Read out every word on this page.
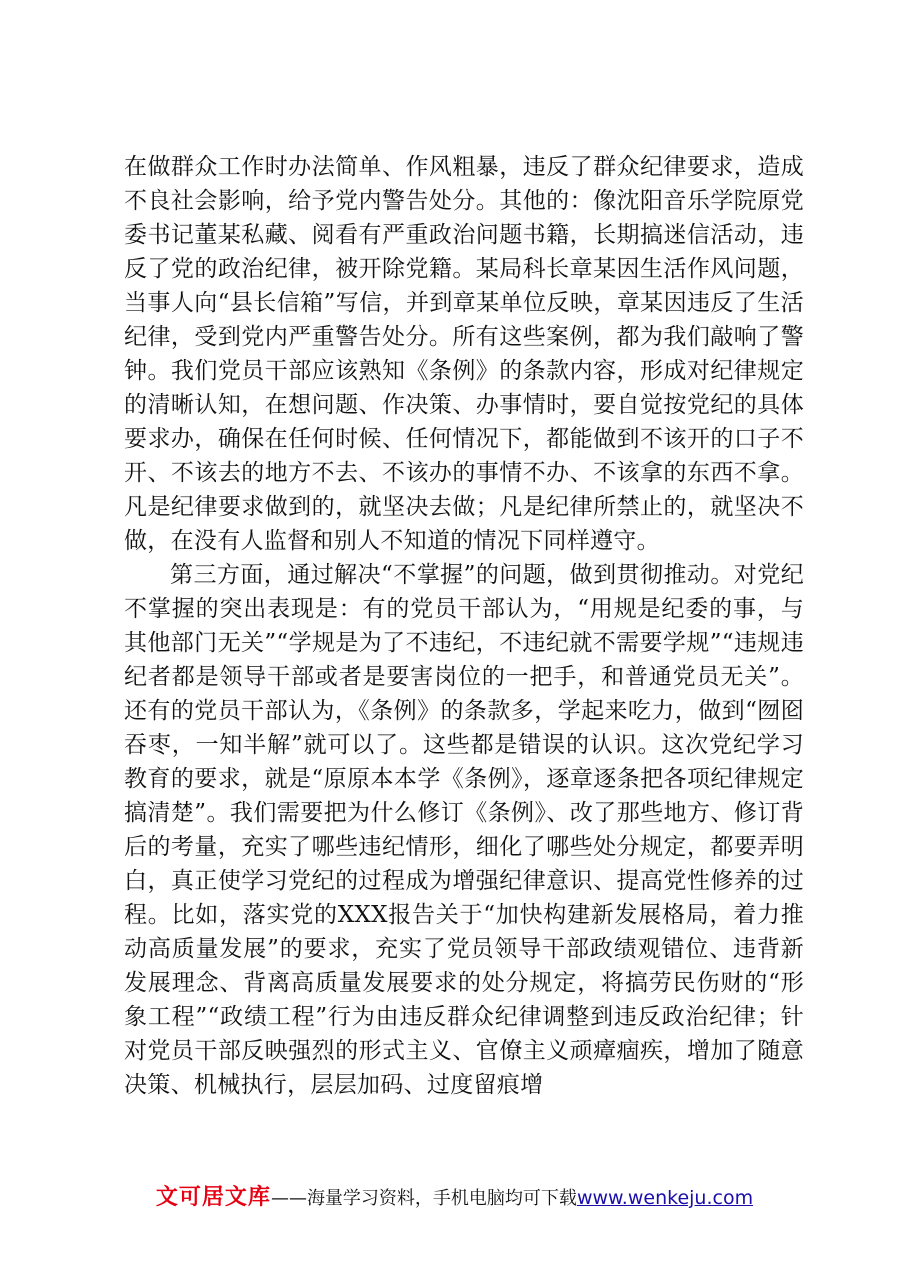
在做群众工作时办法简单、作风粗暴，违反了群众纪律要求，造成不良社会影响，给予党内警告处分。其他的：像沈阳音乐学院原党委书记董某私藏、阅看有严重政治问题书籍，长期搞迷信活动，违反了党的政治纪律，被开除党籍。某局科长章某因生活作风问题，当事人向“县长信箱”写信，并到章某单位反映，章某因违反了生活纪律，受到党内严重警告处分。所有这些案例，都为我们敲响了警钟。我们党员干部应该熟知《条例》的条款内容，形成对纪律规定的清晰认知，在想问题、作决策、办事情时，要自觉按党纪的具体要求办，确保在任何时候、任何情况下，都能做到不该开的口子不开、不该去的地方不去、不该办的事情不办、不该拿的东西不拿。凡是纪律要求做到的，就坚决去做；凡是纪律所禁止的，就坚决不做，在没有人监督和别人不知道的情况下同样遵守。

第三方面，通过解决“不掌握”的问题，做到贯彻推动。对党纪不掌握的突出表现是：有的党员干部认为，“用规是纪委的事，与其他部门无关”“学规是为了不违纪，不违纪就不需要学规”“违规违纪者都是领导干部或者是要害岗位的一把手，和普通党员无关”。还有的党员干部认为，《条例》的条款多，学起来吃力，做到“囫囵吞枣，一知半解”就可以了。这些都是错误的认识。这次党纪学习教育的要求，就是“原原本本学《条例》，逐章逐条把各项纪律规定搞清楚”。我们需要把为什么修订《条例》、改了那些地方、修订背后的考量，充实了哪些违纪情形，细化了哪些处分规定，都要弄明白，真正使学习党纪的过程成为增强纪律意识、提高党性修养的过程。比如，落实党的XXX报告关于“加快构建新发展格局，着力推动高质量发展”的要求，充实了党员领导干部政绩观错位、违背新发展理念、背离高质量发展要求的处分规定，将搞劳民伤财的“形象工程”“政绩工程”行为由违反群众纪律调整到违反政治纪律；针对党员干部反映强烈的形式主义、官僚主义顽瘴痼疾，增加了随意决策、机械执行，层层加码、过度留痕增

文可居文库——海量学习资料，手机电脑均可下载www.wenkeju.com
